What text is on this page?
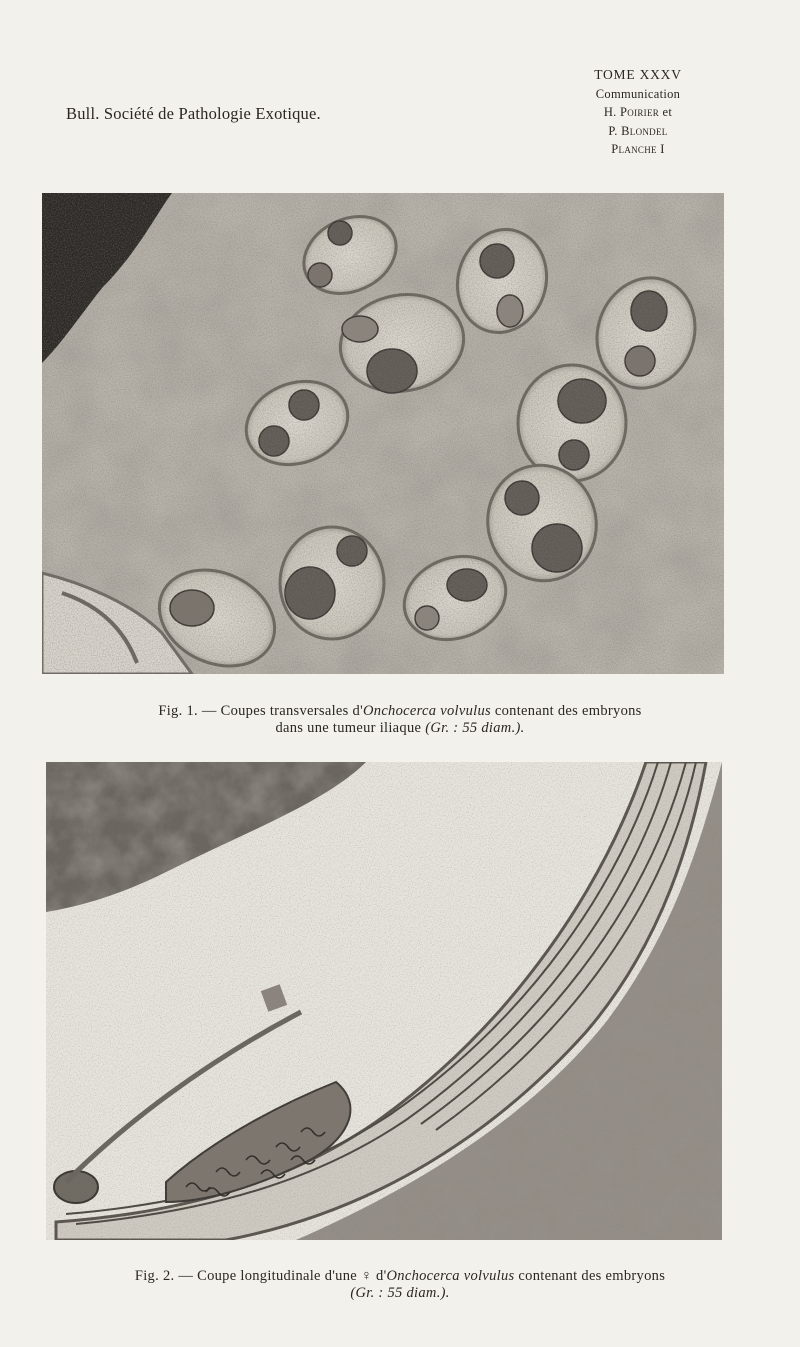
Bull. Société de Pathologie Exotique.
TOME XXXV
Communication
H. Poirier et
P. Blondel
Planche I
Fig. 1. — Coupes transversales d'Onchocerca volvulus contenant des embryons
dans une tumeur iliaque (Gr. : 55 diam.).
Fig. 2. — Coupe longitudinale d'une ♀ d'Onchocerca volvulus contenant des embryons
(Gr. : 55 diam.).
